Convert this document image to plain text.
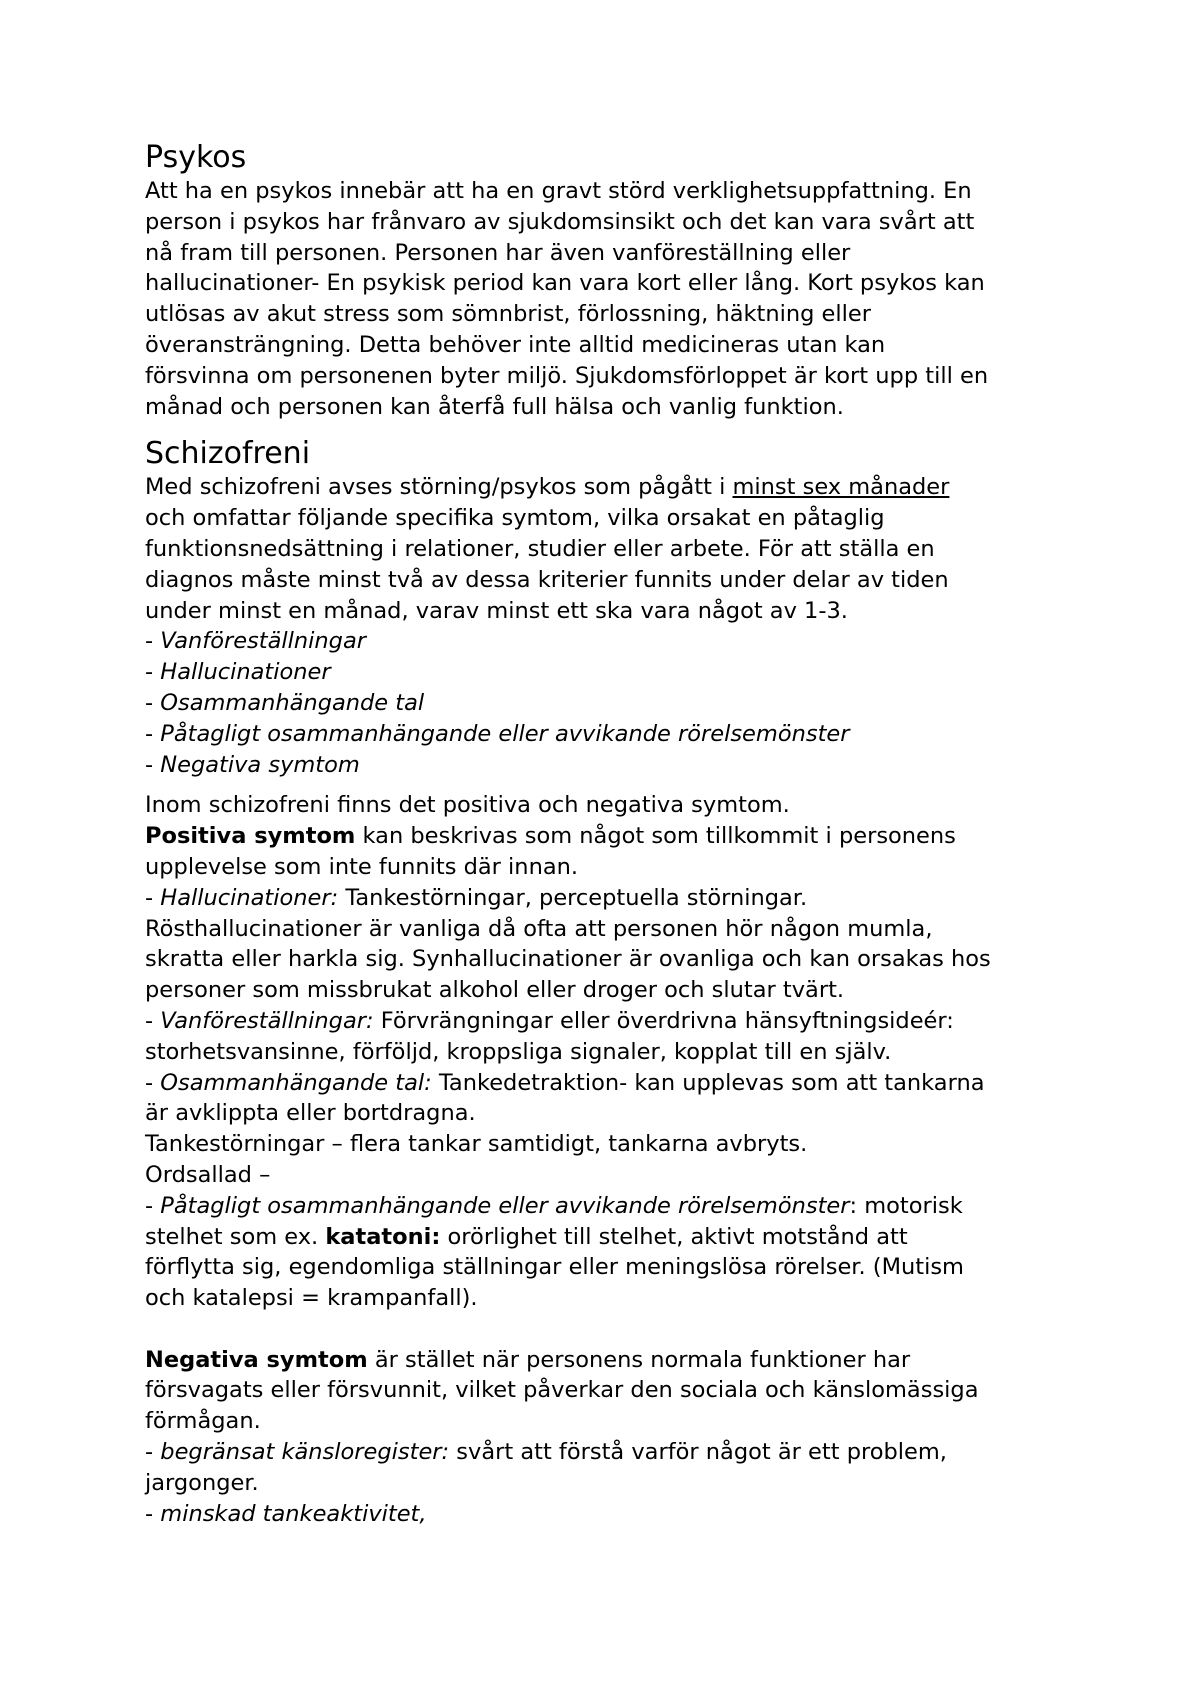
Psykos

Att ha en psykos innebär att ha en gravt störd verklighetsuppfattning. En

person i psykos har frånvaro av sjukdomsinsikt och det kan vara svårt att

nå fram till personen. Personen har även vanföreställning eller

hallucinationer- En psykisk period kan vara kort eller lång. Kort psykos kan

utlösas av akut stress som sömnbrist, förlossning, häktning eller

överansträngning. Detta behöver inte alltid medicineras utan kan

försvinna om personenen byter miljö. Sjukdomsförloppet är kort upp till en

månad och personen kan återfå full hälsa och vanlig funktion.

Schizofreni

Med schizofreni avses störning/psykos som pågått i minst sex månader

och omfattar följande specifika symtom, vilka orsakat en påtaglig

funktionsnedsättning i relationer, studier eller arbete. För att ställa en

diagnos måste minst två av dessa kriterier funnits under delar av tiden

under minst en månad, varav minst ett ska vara något av 1-3.

- Vanföreställningar

- Hallucinationer

- Osammanhängande tal

- Påtagligt osammanhängande eller avvikande rörelsemönster

- Negativa symtom

Inom schizofreni finns det positiva och negativa symtom.

Positiva symtom kan beskrivas som något som tillkommit i personens

upplevelse som inte funnits där innan.

- Hallucinationer: Tankestörningar, perceptuella störningar.

Rösthallucinationer är vanliga då ofta att personen hör någon mumla,

skratta eller harkla sig. Synhallucinationer är ovanliga och kan orsakas hos

personer som missbrukat alkohol eller droger och slutar tvärt.

- Vanföreställningar: Förvrängningar eller överdrivna hänsyftningsideér:

storhetsvansinne, förföljd, kroppsliga signaler, kopplat till en själv.

- Osammanhängande tal: Tankedetraktion- kan upplevas som att tankarna

är avklippta eller bortdragna.

Tankestörningar – flera tankar samtidigt, tankarna avbryts.

Ordsallad –

- Påtagligt osammanhängande eller avvikande rörelsemönster: motorisk

stelhet som ex. katatoni: orörlighet till stelhet, aktivt motstånd att

förflytta sig, egendomliga ställningar eller meningslösa rörelser. (Mutism

och katalepsi = krampanfall).

Negativa symtom är stället när personens normala funktioner har

försvagats eller försvunnit, vilket påverkar den sociala och känslomässiga

förmågan.

- begränsat känsloregister: svårt att förstå varför något är ett problem,

jargonger.

- minskad tankeaktivitet,
